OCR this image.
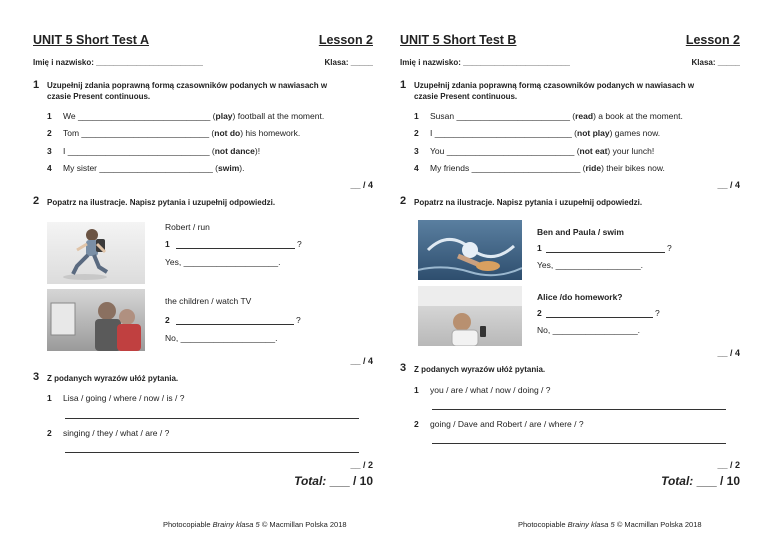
UNIT 5 Short Test A	Lesson 2
Imię i nazwisko: ________________________	Klasa: _____
1 Uzupełnij zdania poprawną formą czasowników podanych w nawiasach w czasie Present continuous.
1 We ____________________________ (play) football at the moment.
2 Tom ___________________________ (not do) his homework.
3 I ______________________________ (not dance)!
4 My sister ________________________ (swim).
__ / 4
2 Popatrz na ilustracje. Napisz pytania i uzupełnij odpowiedzi.
Robert / run
1	?
Yes, ____________________.
the children / watch TV
2	?
No, ____________________.
__ / 4
3 Z podanych wyrazów ułóż pytania.
1 Lisa / going / where / now / is / ?
2 singing / they / what / are / ?
__ / 2
Total: ___ / 10
Photocopiable Brainy klasa 5 © Macmillan Polska 2018
UNIT 5 Short Test B	Lesson 2
Imię i nazwisko: ________________________	Klasa: _____
1 Uzupełnij zdania poprawną formą czasowników podanych w nawiasach w czasie Present continuous.
1 Susan ________________________ (read) a book at the moment.
2 I _____________________________ (not play) games now.
3 You ___________________________ (not eat) your lunch!
4 My friends _______________________ (ride) their bikes now.
__ / 4
2 Popatrz na ilustracje. Napisz pytania i uzupełnij odpowiedzi.
Ben and Paula / swim
1	?
Yes, __________________.
Alice /do homework?
2	?
No, __________________.
__ / 4
3 Z podanych wyrazów ułóż pytania.
1 you / are / what / now / doing / ?
2 going / Dave and Robert / are / where / ?
__ / 2
Total: ___ / 10
Photocopiable Brainy klasa 5 © Macmillan Polska 2018
